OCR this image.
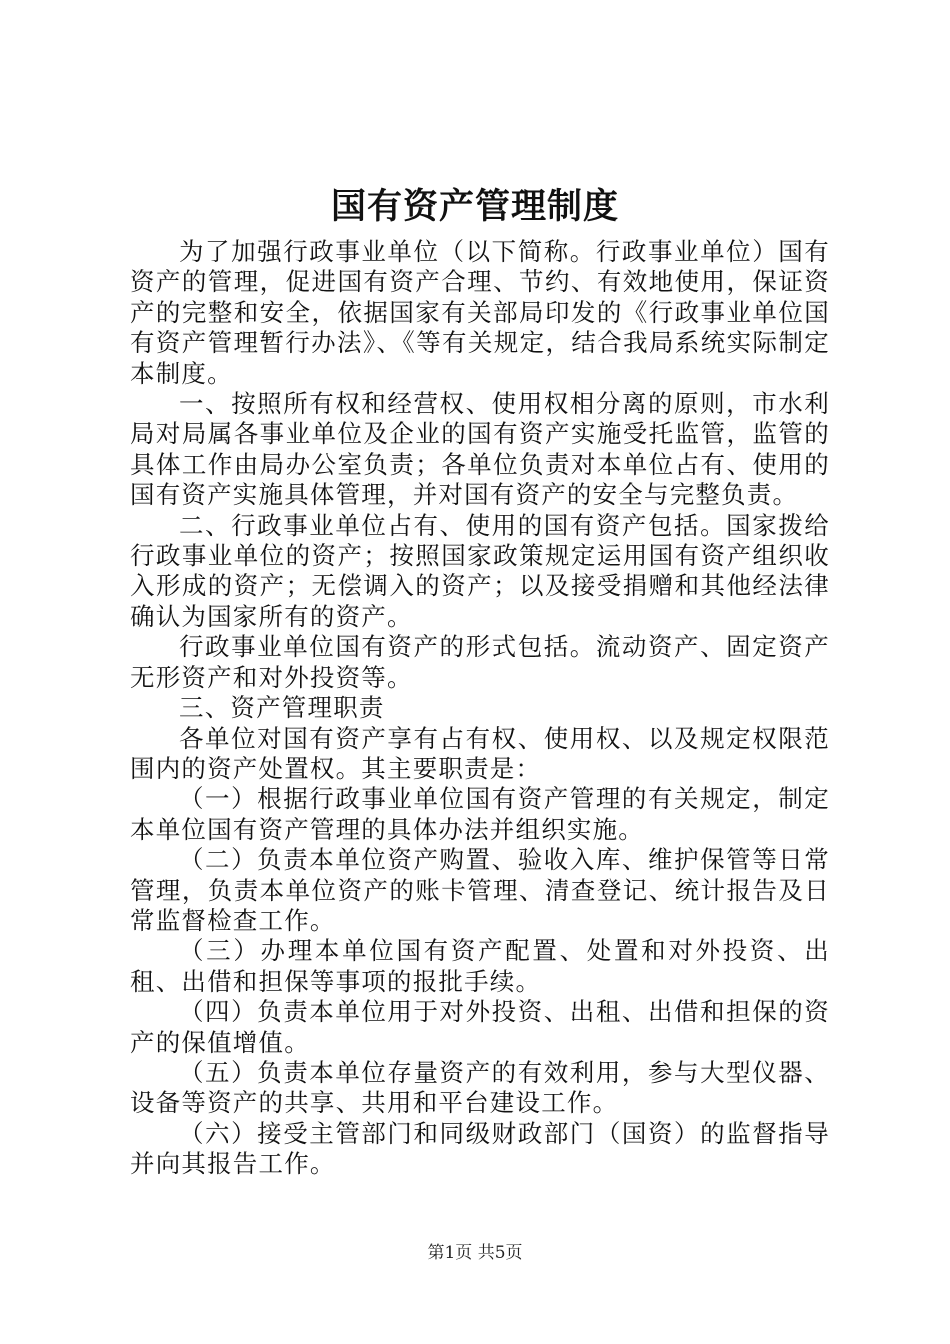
国有资产管理制度

为了加强行政事业单位（以下简称。行政事业单位）国有资产的管理，促进国有资产合理、节约、有效地使用，保证资产的完整和安全，依据国家有关部局印发的《行政事业单位国有资产管理暂行办法》、《等有关规定，结合我局系统实际制定本制度。

一、按照所有权和经营权、使用权相分离的原则，市水利局对局属各事业单位及企业的国有资产实施受托监管，监管的具体工作由局办公室负责；各单位负责对本单位占有、使用的国有资产实施具体管理，并对国有资产的安全与完整负责。

二、行政事业单位占有、使用的国有资产包括。国家拨给行政事业单位的资产；按照国家政策规定运用国有资产组织收入形成的资产；无偿调入的资产；以及接受捐赠和其他经法律确认为国家所有的资产。

行政事业单位国有资产的形式包括。流动资产、固定资产无形资产和对外投资等。

三、资产管理职责

各单位对国有资产享有占有权、使用权、以及规定权限范围内的资产处置权。其主要职责是：

（一）根据行政事业单位国有资产管理的有关规定，制定本单位国有资产管理的具体办法并组织实施。

（二）负责本单位资产购置、验收入库、维护保管等日常管理，负责本单位资产的账卡管理、清查登记、统计报告及日常监督检查工作。

（三）办理本单位国有资产配置、处置和对外投资、出租、出借和担保等事项的报批手续。

（四）负责本单位用于对外投资、出租、出借和担保的资产的保值增值。

（五）负责本单位存量资产的有效利用，参与大型仪器、设备等资产的共享、共用和平台建设工作。

（六）接受主管部门和同级财政部门（国资）的监督指导并向其报告工作。

第1页 共5页
